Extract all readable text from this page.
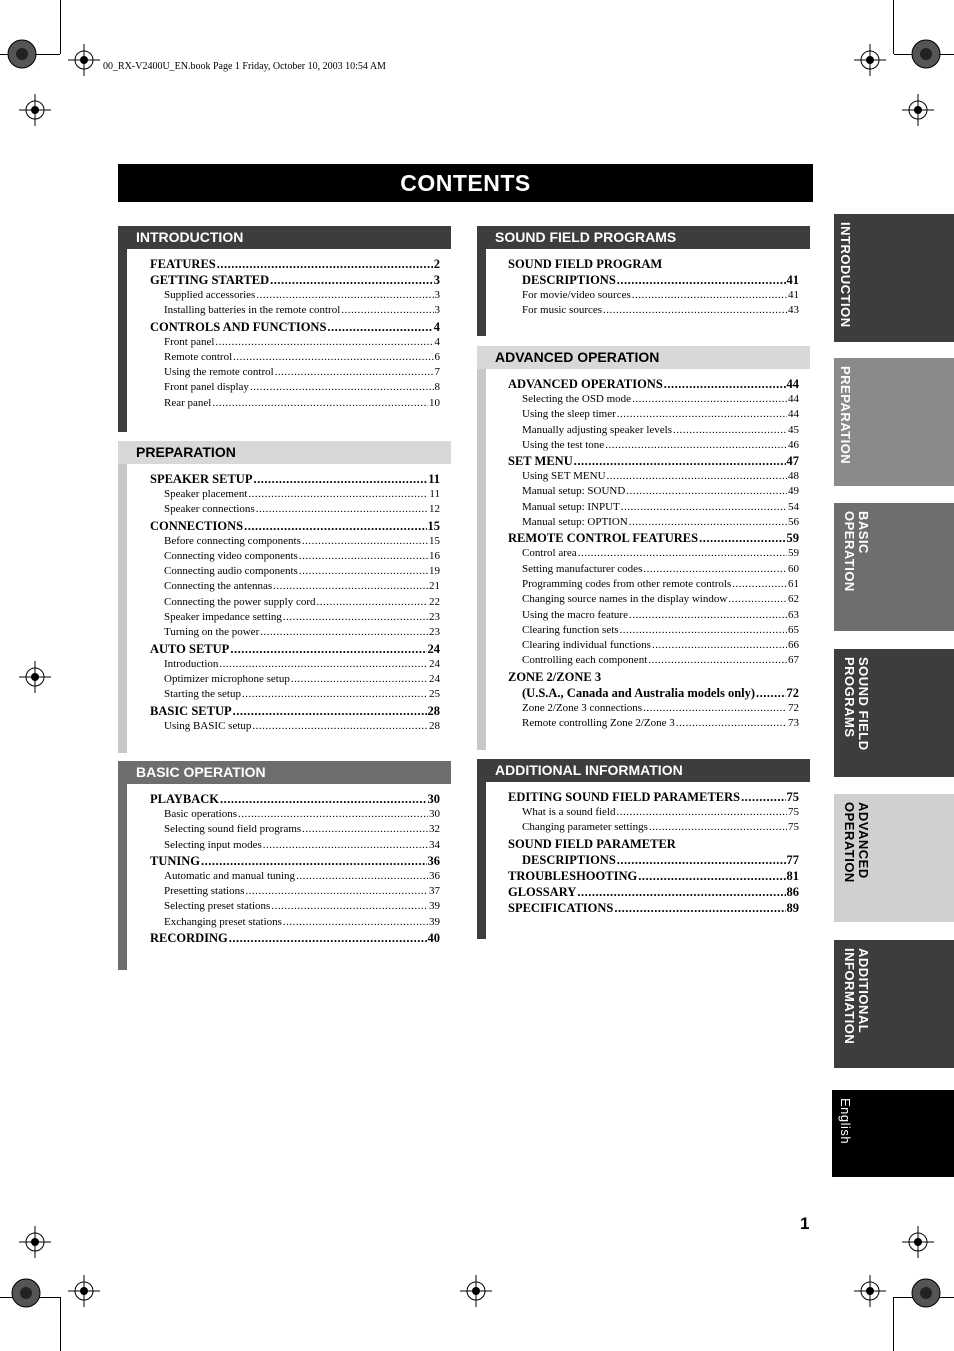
00_RX-V2400U_EN.book Page 1 Friday, October 10, 2003 10:54 AM
CONTENTS
INTRODUCTION
FEATURES .....	2
GETTING STARTED .....	3
Supplied accessories .....	3
Installing batteries in the remote control .....	3
CONTROLS AND FUNCTIONS .....	4
Front panel .....	4
Remote control .....	6
Using the remote control .....	7
Front panel display .....	8
Rear panel .....	10
PREPARATION
SPEAKER SETUP .....	11
Speaker placement .....	11
Speaker connections .....	12
CONNECTIONS .....	15
Before connecting components .....	15
Connecting video components .....	16
Connecting audio components .....	19
Connecting the antennas .....	21
Connecting the power supply cord .....	22
Speaker impedance setting .....	23
Turning on the power .....	23
AUTO SETUP .....	24
Introduction .....	24
Optimizer microphone setup .....	24
Starting the setup .....	25
BASIC SETUP .....	28
Using BASIC setup .....	28
BASIC OPERATION
PLAYBACK .....	30
Basic operations .....	30
Selecting sound field programs .....	32
Selecting input modes .....	34
TUNING .....	36
Automatic and manual tuning .....	36
Presetting stations .....	37
Selecting preset stations .....	39
Exchanging preset stations .....	39
RECORDING .....	40
SOUND FIELD PROGRAMS
SOUND FIELD PROGRAM
DESCRIPTIONS .....	41
For movie/video sources .....	41
For music sources .....	43
ADVANCED OPERATION
ADVANCED OPERATIONS .....	44
Selecting the OSD mode .....	44
Using the sleep timer .....	44
Manually adjusting speaker levels .....	45
Using the test tone .....	46
SET MENU .....	47
Using SET MENU .....	48
Manual setup: SOUND .....	49
Manual setup: INPUT .....	54
Manual setup: OPTION .....	56
REMOTE CONTROL FEATURES .....	59
Control area .....	59
Setting manufacturer codes .....	60
Programming codes from other remote controls .....	61
Changing source names in the display window .....	62
Using the macro feature .....	63
Clearing function sets .....	65
Clearing individual functions .....	66
Controlling each component .....	67
ZONE 2/ZONE 3
(U.S.A., Canada and Australia models only) .....	72
Zone 2/Zone 3 connections .....	72
Remote controlling Zone 2/Zone 3 .....	73
ADDITIONAL INFORMATION
EDITING SOUND FIELD PARAMETERS .....	75
What is a sound field .....	75
Changing parameter settings .....	75
SOUND FIELD PARAMETER
DESCRIPTIONS .....	77
TROUBLESHOOTING .....	81
GLOSSARY .....	86
SPECIFICATIONS .....	89
INTRODUCTION
PREPARATION
BASIC OPERATION
SOUND FIELD PROGRAMS
ADVANCED OPERATION
ADDITIONAL INFORMATION
English
1
